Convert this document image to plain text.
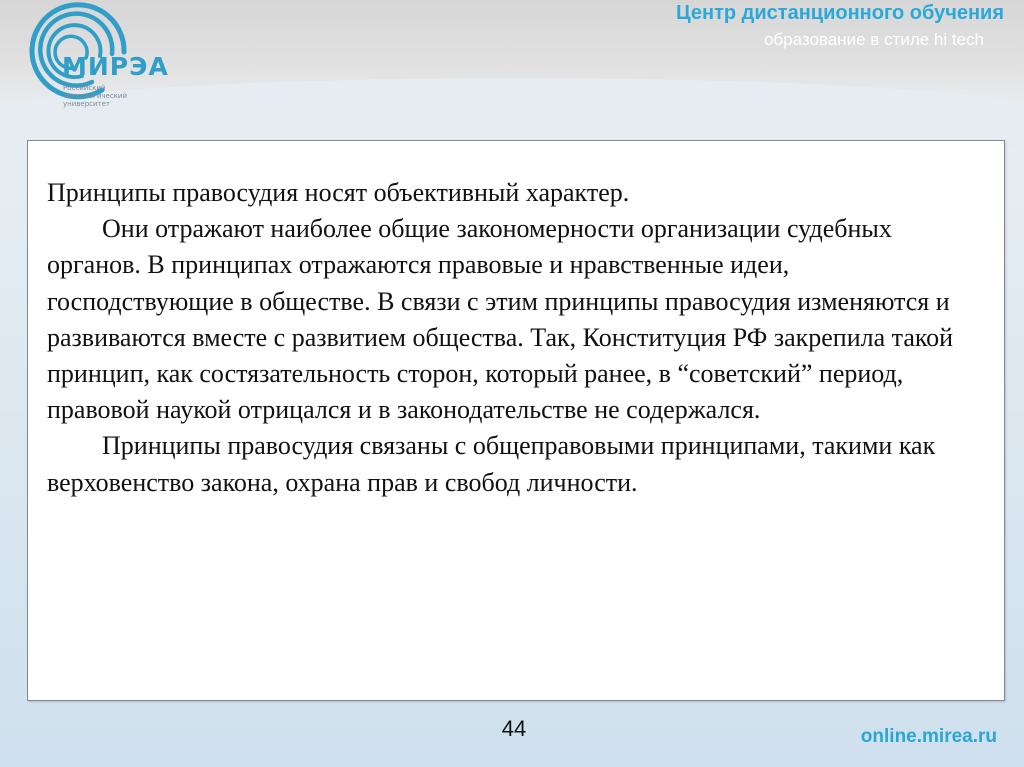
МИРЭА
Российский технологический университет
Центр дистанционного обучения
образование в стиле hi tech

Принципы правосудия носят объективный характер.

Они отражают наиболее общие закономерности организации судебных органов. В принципах отражаются правовые и нравственные идеи, господствующие в обществе. В связи с этим принципы правосудия изменяются и развиваются вместе с развитием общества. Так, Конституция РФ закрепила такой принцип, как состязательность сторон, который ранее, в “советский” период, правовой наукой отрицался и в законодательстве не содержался.

Принципы правосудия связаны с общеправовыми принципами, такими как верховенство закона, охрана прав и свобод личности.

44	online.mirea.ru
